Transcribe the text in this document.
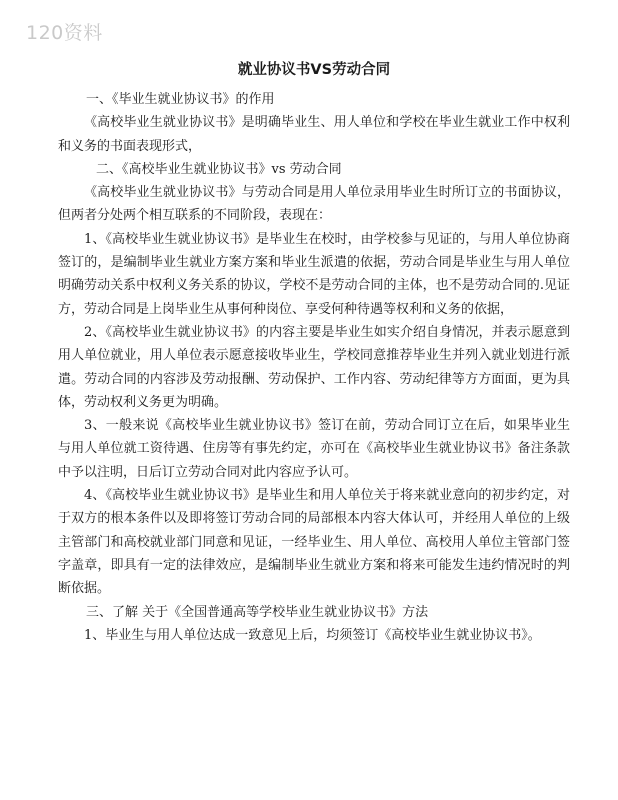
120资料
就业协议书VS劳动合同
一、《毕业生就业协议书》的作用

《高校毕业生就业协议书》是明确毕业生、用人单位和学校在毕业生就业工作中权利和义务的书面表现形式，

二、《高校毕业生就业协议书》vs 劳动合同

《高校毕业生就业协议书》与劳动合同是用人单位录用毕业生时所订立的书面协议，但两者分处两个相互联系的不同阶段，表现在：

1、《高校毕业生就业协议书》是毕业生在校时，由学校参与见证的，与用人单位协商签订的，是编制毕业生就业方案方案和毕业生派遣的依据，劳动合同是毕业生与用人单位明确劳动关系中权利义务关系的协议，学校不是劳动合同的主体，也不是劳动合同的.见证方，劳动合同是上岗毕业生从事何种岗位、享受何种待遇等权利和义务的依据，

2、《高校毕业生就业协议书》的内容主要是毕业生如实介绍自身情况，并表示愿意到用人单位就业，用人单位表示愿意接收毕业生，学校同意推荐毕业生并列入就业划进行派遣。劳动合同的内容涉及劳动报酬、劳动保护、工作内容、劳动纪律等方方面面，更为具体，劳动权利义务更为明确。

3、一般来说《高校毕业生就业协议书》签订在前，劳动合同订立在后，如果毕业生与用人单位就工资待遇、住房等有事先约定，亦可在《高校毕业生就业协议书》备注条款中予以注明，日后订立劳动合同对此内容应予认可。

4、《高校毕业生就业协议书》是毕业生和用人单位关于将来就业意向的初步约定，对于双方的根本条件以及即将签订劳动合同的局部根本内容大体认可，并经用人单位的上级主管部门和高校就业部门同意和见证，一经毕业生、用人单位、高校用人单位主管部门签字盖章，即具有一定的法律效应，是编制毕业生就业方案和将来可能发生违约情况时的判断依据。

三、了解 关于《全国普通高等学校毕业生就业协议书》方法

1、毕业生与用人单位达成一致意见上后，均须签订《高校毕业生就业协议书》。
